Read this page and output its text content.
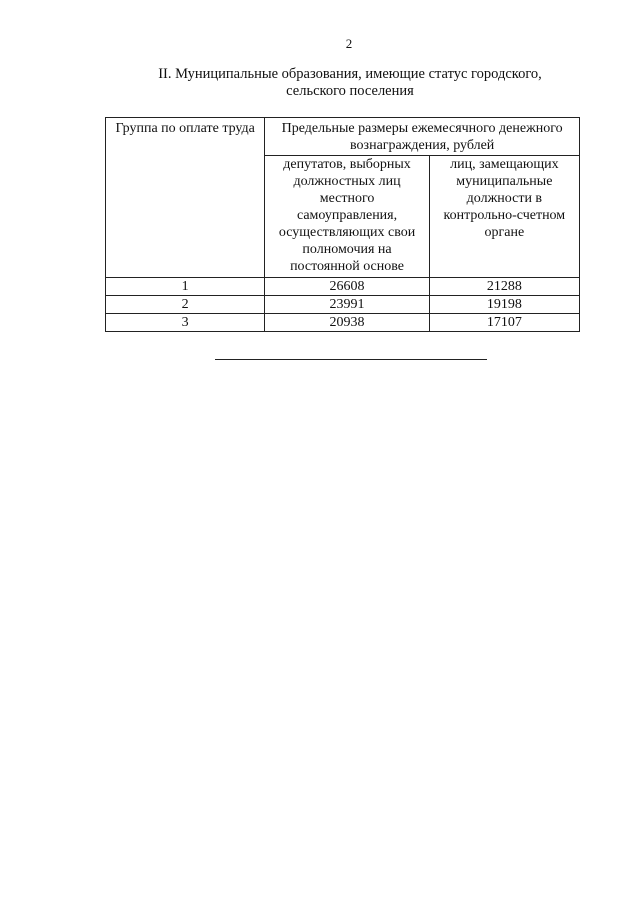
2
II. Муниципальные образования, имеющие статус городского,
сельского поселения
Группа по оплате труда	Предельные размеры ежемесячного денежного вознаграждения, рублей	
	депутатов, выборных должностных лиц местного самоуправления, осуществляющих свои полномочия на постоянной основе	лиц, замещающих муниципальные должности в контрольно-счетном органе
1	26608	21288
2	23991	19198
3	20938	17107
